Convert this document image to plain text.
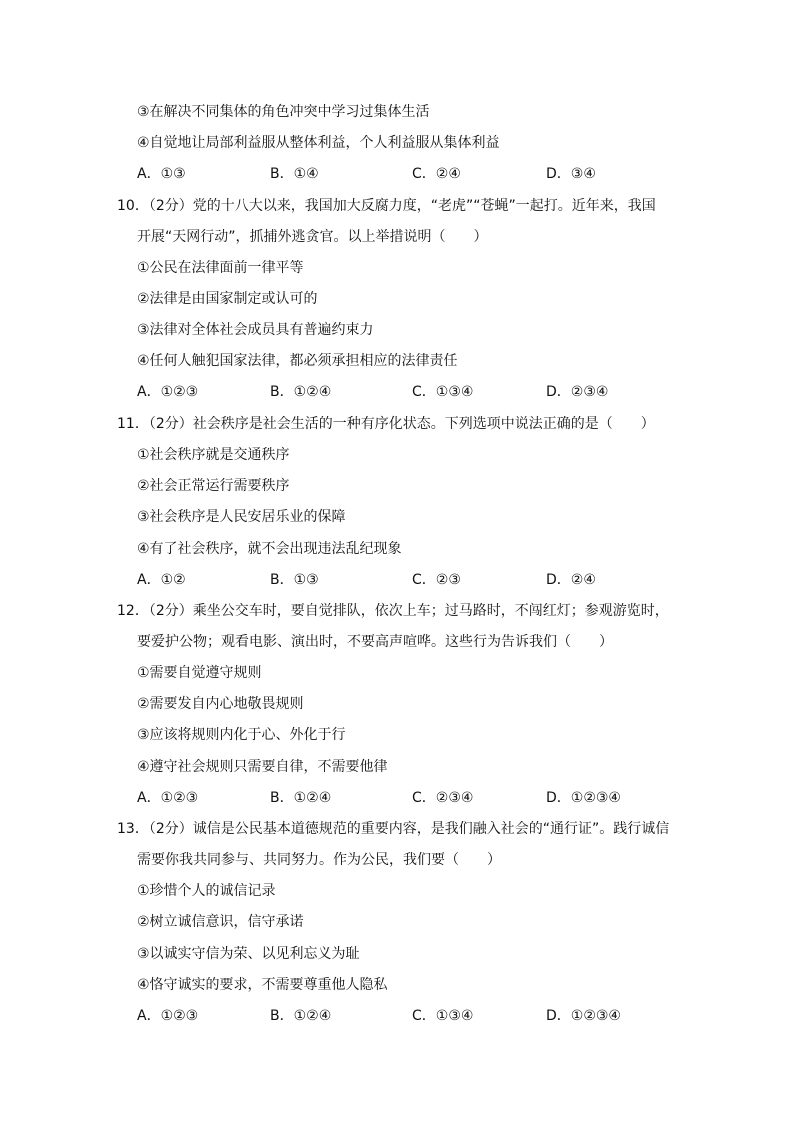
③在解决不同集体的角色冲突中学习过集体生活
④自觉地让局部利益服从整体利益，个人利益服从集体利益
A．①③	B．①④	C．②④	D．③④
10．（2分）党的十八大以来，我国加大反腐力度，“老虎”“苍蝇”一起打。近年来，我国
开展“天网行动”，抓捕外逃贪官。以上举措说明（　　）
①公民在法律面前一律平等
②法律是由国家制定或认可的
③法律对全体社会成员具有普遍约束力
④任何人触犯国家法律，都必须承担相应的法律责任
A．①②③	B．①②④	C．①③④	D．②③④
11．（2分）社会秩序是社会生活的一种有序化状态。下列选项中说法正确的是（　　）
①社会秩序就是交通秩序
②社会正常运行需要秩序
③社会秩序是人民安居乐业的保障
④有了社会秩序，就不会出现违法乱纪现象
A．①②	B．①③	C．②③	D．②④
12．（2分）乘坐公交车时，要自觉排队，依次上车；过马路时，不闯红灯；参观游览时，
要爱护公物；观看电影、演出时，不要高声喧哗。这些行为告诉我们（　　）
①需要自觉遵守规则
②需要发自内心地敬畏规则
③应该将规则内化于心、外化于行
④遵守社会规则只需要自律，不需要他律
A．①②③	B．①②④	C．②③④	D．①②③④
13．（2分）诚信是公民基本道德规范的重要内容，是我们融入社会的“通行证”。践行诚信
需要你我共同参与、共同努力。作为公民，我们要（　　）
①珍惜个人的诚信记录
②树立诚信意识，信守承诺
③以诚实守信为荣、以见利忘义为耻
④恪守诚实的要求，不需要尊重他人隐私
A．①②③	B．①②④	C．①③④	D．①②③④
